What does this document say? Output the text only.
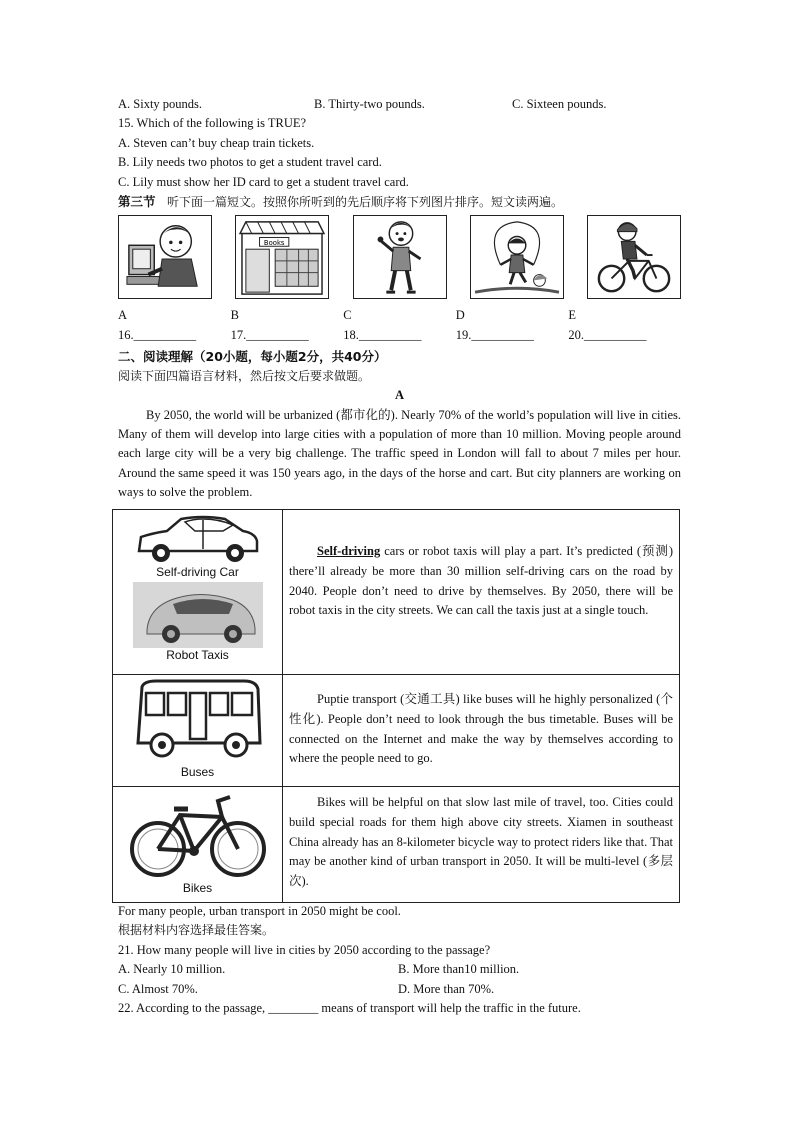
A. Sixty pounds.	B. Thirty-two pounds.	C. Sixteen pounds.
15. Which of the following is TRUE?
A. Steven can’t buy cheap train tickets.
B. Lily needs two photos to get a student travel card.
C. Lily must show her ID card to get a student travel card.
第三节 听下面一篇短文。按照你所听到的先后顺序将下列图片排序。短文读两遍。
Books
A	B	C	D	E
16.__________	17.__________	18.__________	19.__________	20.__________
二、阅读理解（20小题，每小题2分，共40分）
阅读下面四篇语言材料，然后按文后要求做题。
A

By 2050, the world will be urbanized (都市化的). Nearly 70% of the world’s population will live in cities. Many of them will develop into large cities with a population of more than 10 million. Moving people around each large city will be a very big challenge. The traffic speed in London will fall to about 7 miles per hour. Around the same speed it was 150 years ago, in the days of the horse and cart. But city planners are working on ways to solve the problem.

Self-driving Car
Robot Taxis	Self-driving cars or robot taxis will play a part. It’s predicted (预测) there’ll already be more than 30 million self-driving cars on the road by 2040. People don’t need to drive by themselves. By 2050, there will be robot taxis in the city streets. We can call the taxis just at a single touch.

Buses	Puptie transport (交通工具) like buses will he highly personalized (个性化). People don’t need to look through the bus timetable. Buses will be connected on the Internet and make the way by themselves according to where the people need to go.

Bikes	Bikes will be helpful on that slow last mile of travel, too. Cities could build special roads for them high above city streets. Xiamen in southeast China already has an 8-kilometer bicycle way to protect riders like that. That may be another kind of urban transport in 2050. It will be multi-level (多层次).

For many people, urban transport in 2050 might be cool.
根据材料内容选择最佳答案。
21. How many people will live in cities by 2050 according to the passage?
A. Nearly 10 million.	B. More than10 million.
C. Almost 70%.	D. More than 70%.
22. According to the passage, ________ means of transport will help the traffic in the future.
